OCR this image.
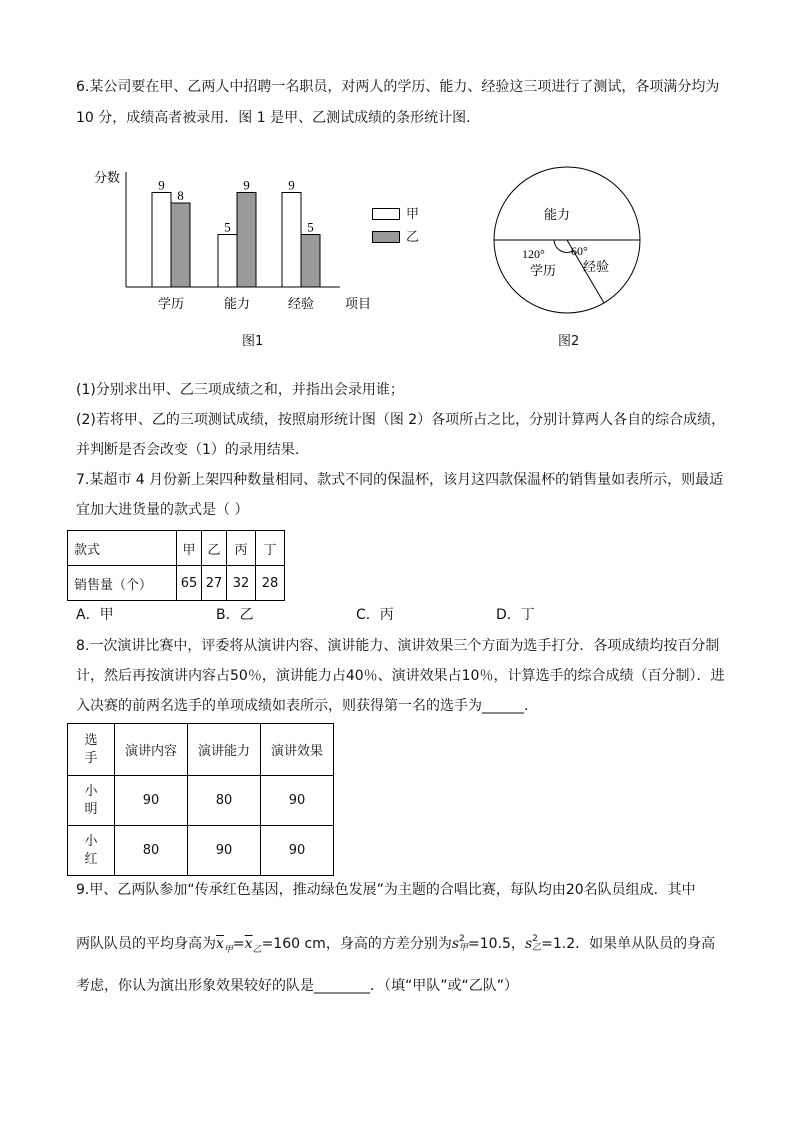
6.某公司要在甲、乙两人中招聘一名职员，对两人的学历、能力、经验这三项进行了测试，各项满分均为
10 分，成绩高者被录用．图 1 是甲、乙测试成绩的条形统计图.
分数
项目
9
8
学历
5
9
能力
9
5
经验
甲
乙
图1
能力
120°
学历
60°
经验
图2
(1)分别求出甲、乙三项成绩之和，并指出会录用谁；
(2)若将甲、乙的三项测试成绩，按照扇形统计图（图 2）各项所占之比，分别计算两人各自的综合成绩，
并判断是否会改变（1）的录用结果.
7.某超市 4 月份新上架四种数量相同、款式不同的保温杯，该月这四款保温杯的销售量如表所示，则最适
宜加大进货量的款式是（ ）
款式	甲	乙	丙	丁
销售量（个）	65	27	32	28
A．甲	B．乙	C．丙	D．丁
8.一次演讲比赛中，评委将从演讲内容、演讲能力、演讲效果三个方面为选手打分．各项成绩均按百分制
计，然后再按演讲内容占50％，演讲能力占40％、演讲效果占10％，计算选手的综合成绩（百分制）．进
入决赛的前两名选手的单项成绩如表所示，则获得第一名的选手为______.
选手	演讲内容	演讲能力	演讲效果
小明	90	80	90
小红	80	90	90
9.甲、乙两队参加“传承红色基因，推动绿色发展”为主题的合唱比赛，每队均由20名队员组成．其中
两队队员的平均身高为$\overline{x}_甲=\overline{x}_乙=160$ cm，身高的方差分别为s2
甲=10.5，s2
乙=1.2．如果单从队员的身高
考虑，你认为演出形象效果较好的队是________．（填“甲队”或“乙队”）
